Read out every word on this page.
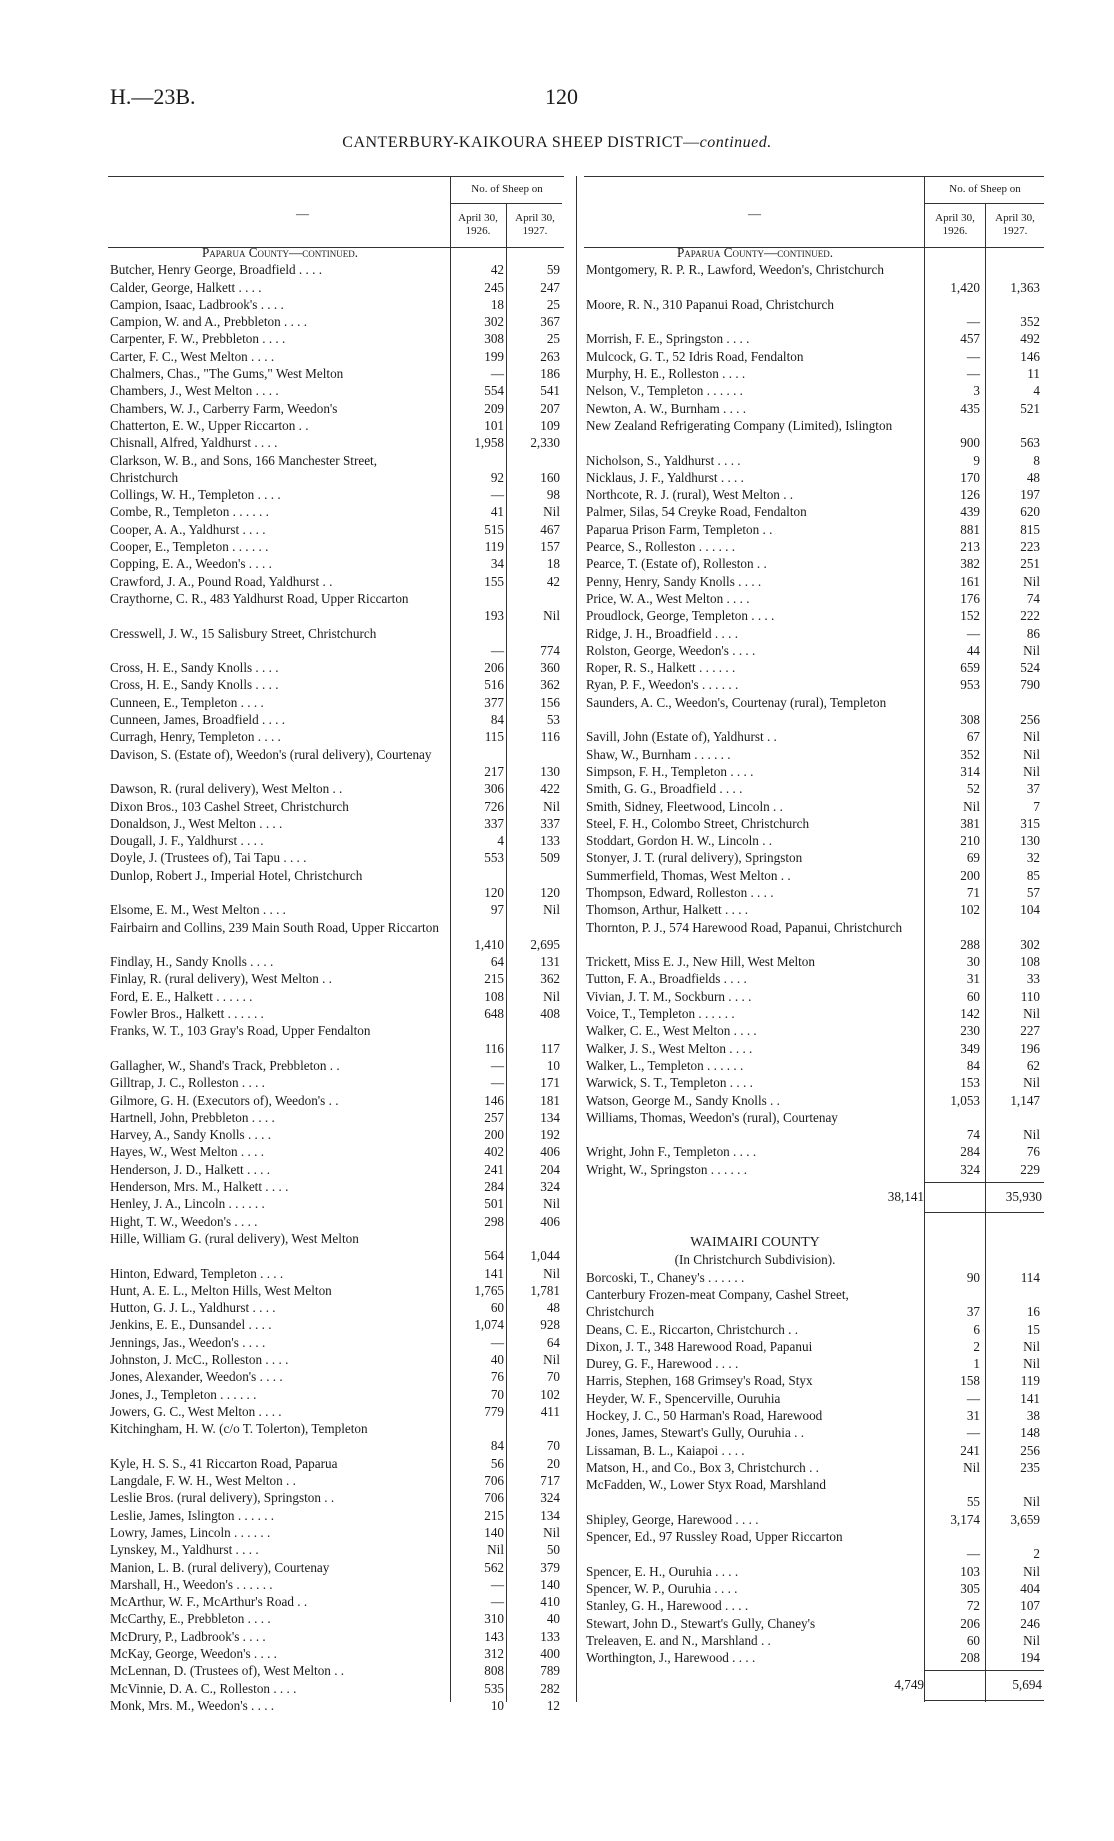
H.—23B.	120
CANTERBURY-KAIKOURA SHEEP DISTRICT—continued.
—	—
No. of Sheep on
April 30, 1926.
April 30, 1927.
No. of Sheep on
April 30, 1926.
April 30, 1927.
Paparua County—continued.
Butcher, Henry George, Broadfield . . . .	42	59
Calder, George, Halkett . . . .	245	247
Campion, Isaac, Ladbrook's . . . .	18	25
Campion, W. and A., Prebbleton . . . .	302	367
Carpenter, F. W., Prebbleton . . . .	308	25
Carter, F. C., West Melton . . . .	199	263
Chalmers, Chas., "The Gums," West Melton	—	186
Chambers, J., West Melton . . . .	554	541
Chambers, W. J., Carberry Farm, Weedon's	209	207
Chatterton, E. W., Upper Riccarton . .	101	109
Chisnall, Alfred, Yaldhurst . . . .	1,958 2,330
Clarkson, W. B., and Sons, 166 Manchester Street, Christchurch	92	160
Collings, W. H., Templeton . . . .	—	98
Combe, R., Templeton . . . . . .	41	Nil
Cooper, A. A., Yaldhurst . . . .	515	467
Cooper, E., Templeton . . . . . .	119	157
Copping, E. A., Weedon's . . . .	34	18
Crawford, J. A., Pound Road, Yaldhurst . .	155	42
Craythorne, C. R., 483 Yaldhurst Road, Upper Riccarton
193	Nil
Cresswell, J. W., 15 Salisbury Street, Christchurch
—	774
Cross, H. E., Sandy Knolls . . . .	206	360
Cross, H. E., Sandy Knolls . . . .	516	362
Cunneen, E., Templeton . . . .	377	156
Cunneen, James, Broadfield . . . .	84	53
Curragh, Henry, Templeton . . . .	115	116
Davison, S. (Estate of), Weedon's (rural delivery), Courtenay
217	130
Dawson, R. (rural delivery), West Melton . .	306	422
Dixon Bros., 103 Cashel Street, Christchurch	726	Nil
Donaldson, J., West Melton . . . .	337	337
Dougall, J. F., Yaldhurst . . . .	4	133
Doyle, J. (Trustees of), Tai Tapu . . . .	553	509
Dunlop, Robert J., Imperial Hotel, Christchurch
120	120
Elsome, E. M., West Melton . . . .	97	Nil
Fairbairn and Collins, 239 Main South Road, Upper Riccarton
1,410 2,695
Findlay, H., Sandy Knolls . . . .	64	131
Finlay, R. (rural delivery), West Melton . .	215	362
Ford, E. E., Halkett . . . . . .	108	Nil
Fowler Bros., Halkett . . . . . .	648	408
Franks, W. T., 103 Gray's Road, Upper Fendalton
116	117
Gallagher, W., Shand's Track, Prebbleton . .	—	10
Gilltrap, J. C., Rolleston . . . .	—	171
Gilmore, G. H. (Executors of), Weedon's . .	146	181
Hartnell, John, Prebbleton . . . .	257	134
Harvey, A., Sandy Knolls . . . .	200	192
Hayes, W., West Melton . . . .	402	406
Henderson, J. D., Halkett . . . .	241	204
Henderson, Mrs. M., Halkett . . . .	284	324
Henley, J. A., Lincoln . . . . . .	501	Nil
Hight, T. W., Weedon's . . . .	298	406
Hille, William G. (rural delivery), West Melton
564 1,044
Hinton, Edward, Templeton . . . .	141	Nil
Hunt, A. E. L., Melton Hills, West Melton	1,765 1,781
Hutton, G. J. L., Yaldhurst . . . .	60	48
Jenkins, E. E., Dunsandel . . . .	1,074	928
Jennings, Jas., Weedon's . . . .	—	64
Johnston, J. McC., Rolleston . . . .	40	Nil
Jones, Alexander, Weedon's . . . .	76	70
Jones, J., Templeton . . . . . .	70	102
Jowers, G. C., West Melton . . . .	779	411
Kitchingham, H. W. (c/o T. Tolerton), Templeton
84	70
Kyle, H. S. S., 41 Riccarton Road, Paparua	56	20
Langdale, F. W. H., West Melton . .	706	717
Leslie Bros. (rural delivery), Springston . .	706	324
Leslie, James, Islington . . . . . .	215	134
Lowry, James, Lincoln . . . . . .	140	Nil
Lynskey, M., Yaldhurst . . . .	Nil	50
Manion, L. B. (rural delivery), Courtenay	562	379
Marshall, H., Weedon's . . . . . .	—	140
McArthur, W. F., McArthur's Road . .	—	410
McCarthy, E., Prebbleton . . . .	310	40
McDrury, P., Ladbrook's . . . .	143	133
McKay, George, Weedon's . . . .	312	400
McLennan, D. (Trustees of), West Melton . .	808	789
McVinnie, D. A. C., Rolleston . . . .	535	282
Monk, Mrs. M., Weedon's . . . .	10	12
Paparua County—continued.
Montgomery, R. P. R., Lawford, Weedon's, Christchurch
1,420 1,363
Moore, R. N., 310 Papanui Road, Christchurch
—	352
Morrish, F. E., Springston . . . .	457	492
Mulcock, G. T., 52 Idris Road, Fendalton	—	146
Murphy, H. E., Rolleston . . . .	—	11
Nelson, V., Templeton . . . . . .	3	4
Newton, A. W., Burnham . . . .	435	521
New Zealand Refrigerating Company (Limited), Islington
900	563
Nicholson, S., Yaldhurst . . . .	9	8
Nicklaus, J. F., Yaldhurst . . . .	170	48
Northcote, R. J. (rural), West Melton . .	126	197
Palmer, Silas, 54 Creyke Road, Fendalton	439	620
Paparua Prison Farm, Templeton . .	881	815
Pearce, S., Rolleston . . . . . .	213	223
Pearce, T. (Estate of), Rolleston . .	382	251
Penny, Henry, Sandy Knolls . . . .	161	Nil
Price, W. A., West Melton . . . .	176	74
Proudlock, George, Templeton . . . .	152	222
Ridge, J. H., Broadfield . . . .	—	86
Rolston, George, Weedon's . . . .	44	Nil
Roper, R. S., Halkett . . . . . .	659	524
Ryan, P. F., Weedon's . . . . . .	953	790
Saunders, A. C., Weedon's, Courtenay (rural), Templeton
308	256
Savill, John (Estate of), Yaldhurst . .	67	Nil
Shaw, W., Burnham . . . . . .	352	Nil
Simpson, F. H., Templeton . . . .	314	Nil
Smith, G. G., Broadfield . . . .	52	37
Smith, Sidney, Fleetwood, Lincoln . .	Nil	7
Steel, F. H., Colombo Street, Christchurch	381	315
Stoddart, Gordon H. W., Lincoln . .	210	130
Stonyer, J. T. (rural delivery), Springston	69	32
Summerfield, Thomas, West Melton . .	200	85
Thompson, Edward, Rolleston . . . .	71	57
Thomson, Arthur, Halkett . . . .	102	104
Thornton, P. J., 574 Harewood Road, Papanui, Christchurch
288	302
Trickett, Miss E. J., New Hill, West Melton	30	108
Tutton, F. A., Broadfields . . . .	31	33
Vivian, J. T. M., Sockburn . . . .	60	110
Voice, T., Templeton . . . . . .	142	Nil
Walker, C. E., West Melton . . . .	230	227
Walker, J. S., West Melton . . . .	349	196
Walker, L., Templeton . . . . . .	84	62
Warwick, S. T., Templeton . . . .	153	Nil
Watson, George M., Sandy Knolls . .	1,053 1,147
Williams, Thomas, Weedon's (rural), Courtenay
74	Nil
Wright, John F., Templeton . . . .	284	76
Wright, W., Springston . . . . . .	324	229
38,141	35,930
WAIMAIRI COUNTY
(In Christchurch Subdivision).
Borcoski, T., Chaney's . . . . . .	90	114
Canterbury Frozen-meat Company, Cashel Street, Christchurch	37	16
Deans, C. E., Riccarton, Christchurch . .	6	15
Dixon, J. T., 348 Harewood Road, Papanui	2	Nil
Durey, G. F., Harewood . . . .	1	Nil
Harris, Stephen, 168 Grimsey's Road, Styx	158	119
Heyder, W. F., Spencerville, Ouruhia	—	141
Hockey, J. C., 50 Harman's Road, Harewood	31	38
Jones, James, Stewart's Gully, Ouruhia . .	—	148
Lissaman, B. L., Kaiapoi . . . .	241	256
Matson, H., and Co., Box 3, Christchurch . .	Nil	235
McFadden, W., Lower Styx Road, Marshland
55	Nil
Shipley, George, Harewood . . . .	3,174 3,659
Spencer, Ed., 97 Russley Road, Upper Riccarton
—	2
Spencer, E. H., Ouruhia . . . .	103	Nil
Spencer, W. P., Ouruhia . . . .	305	404
Stanley, G. H., Harewood . . . .	72	107
Stewart, John D., Stewart's Gully, Chaney's	206	246
Treleaven, E. and N., Marshland . .	60	Nil
Worthington, J., Harewood . . . .	208	194
4,749	5,694
